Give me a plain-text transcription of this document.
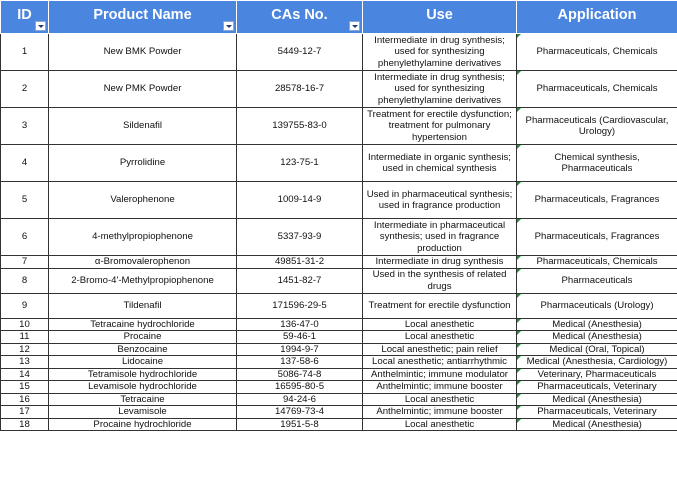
ID	Product Name	CAs No.	Use	Application
1	New BMK Powder	5449-12-7	Intermediate in drug synthesis; used for synthesizing phenylethylamine derivatives	Pharmaceuticals, Chemicals

2	New PMK Powder	28578-16-7	Intermediate in drug synthesis; used for synthesizing phenylethylamine derivatives	Pharmaceuticals, Chemicals

3	Sildenafil	139755-83-0	Treatment for erectile dysfunction; treatment for pulmonary hypertension	Pharmaceuticals (Cardiovascular, Urology)

4	Pyrrolidine	123-75-1	Intermediate in organic synthesis; used in chemical synthesis	Chemical synthesis, Pharmaceuticals

5	Valerophenone	1009-14-9	Used in pharmaceutical synthesis; used in fragrance production	Pharmaceuticals, Fragrances

6	4-methylpropiophenone	5337-93-9	Intermediate in pharmaceutical synthesis; used in fragrance production	Pharmaceuticals, Fragrances

7	α-Bromovalerophenon	49851-31-2	Intermediate in drug synthesis	Pharmaceuticals, Chemicals

8	2-Bromo-4'-Methylpropiophenone	1451-82-7	Used in the synthesis of related drugs	Pharmaceuticals

9	Tildenafil	171596-29-5	Treatment for erectile dysfunction	Pharmaceuticals (Urology)

10	Tetracaine hydrochloride	136-47-0	Local anesthetic	Medical (Anesthesia)

11	Procaine	59-46-1	Local anesthetic	Medical (Anesthesia)

12	Benzocaine	1994-9-7	Local anesthetic; pain relief	Medical (Oral, Topical)

13	Lidocaine	137-58-6	Local anesthetic; antiarrhythmic	Medical (Anesthesia, Cardiology)

14	Tetramisole hydrochloride	5086-74-8	Anthelmintic; immune modulator	Veterinary, Pharmaceuticals

15	Levamisole hydrochloride	16595-80-5	Anthelmintic; immune booster	Pharmaceuticals, Veterinary

16	Tetracaine	94-24-6	Local anesthetic	Medical (Anesthesia)

17	Levamisole	14769-73-4	Anthelmintic; immune booster	Pharmaceuticals, Veterinary

18	Procaine hydrochloride	1951-5-8	Local anesthetic	Medical (Anesthesia)
